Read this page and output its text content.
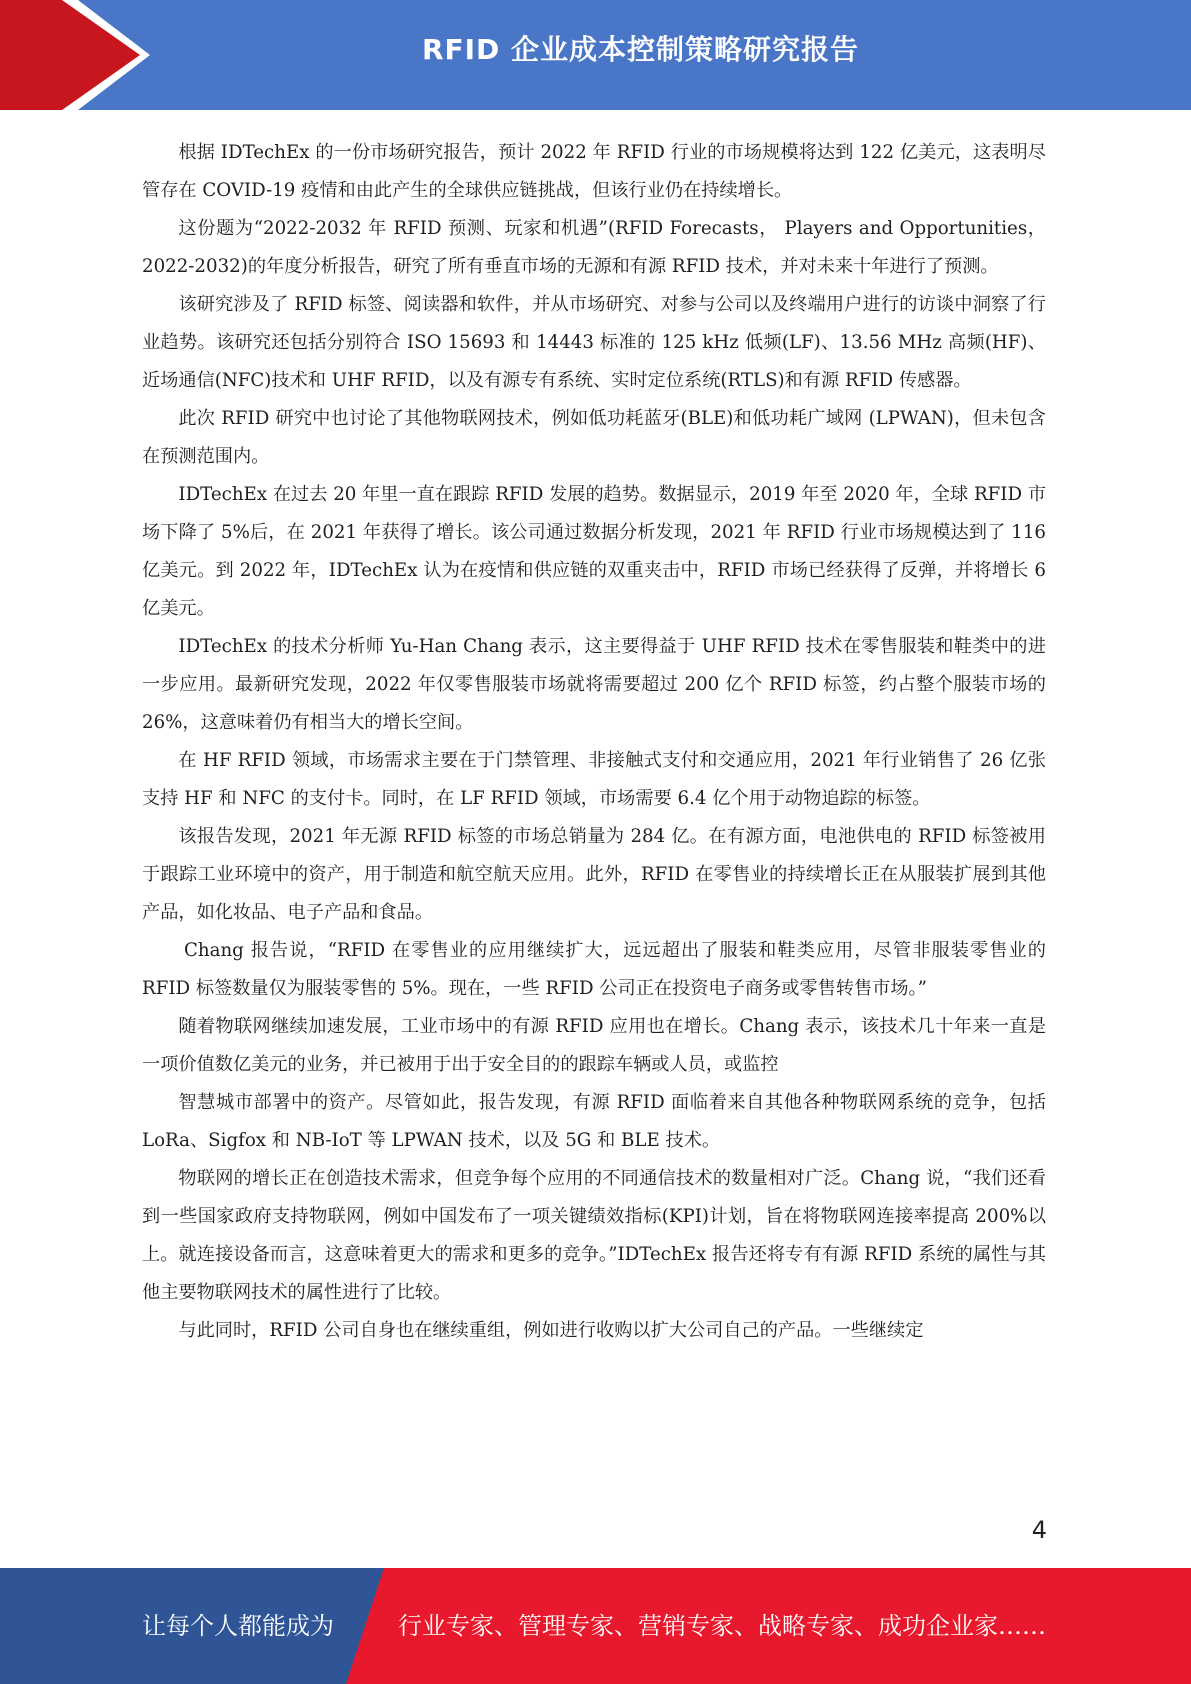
RFID 企业成本控制策略研究报告

根据 IDTechEx 的一份市场研究报告，预计 2022 年 RFID 行业的市场规模将达到 122 亿美元，这表明尽管存在 COVID-19 疫情和由此产生的全球供应链挑战，但该行业仍在持续增长。

这份题为“2022-2032 年 RFID 预测、玩家和机遇”(RFID Forecasts， Players and Opportunities， 2022-2032)的年度分析报告，研究了所有垂直市场的无源和有源 RFID 技术，并对未来十年进行了预测。

该研究涉及了 RFID 标签、阅读器和软件，并从市场研究、对参与公司以及终端用户进行的访谈中洞察了行业趋势。该研究还包括分别符合 ISO 15693 和 14443 标准的 125 kHz 低频(LF)、13.56 MHz 高频(HF)、近场通信(NFC)技术和 UHF RFID，以及有源专有系统、实时定位系统(RTLS)和有源 RFID 传感器。

此次 RFID 研究中也讨论了其他物联网技术，例如低功耗蓝牙(BLE)和低功耗广域网 (LPWAN)，但未包含在预测范围内。

IDTechEx 在过去 20 年里一直在跟踪 RFID 发展的趋势。数据显示，2019 年至 2020 年，全球 RFID 市场下降了 5%后，在 2021 年获得了增长。该公司通过数据分析发现，2021 年 RFID 行业市场规模达到了 116 亿美元。到 2022 年，IDTechEx 认为在疫情和供应链的双重夹击中，RFID 市场已经获得了反弹，并将增长 6 亿美元。

IDTechEx 的技术分析师 Yu-Han Chang 表示，这主要得益于 UHF RFID 技术在零售服装和鞋类中的进一步应用。最新研究发现，2022 年仅零售服装市场就将需要超过 200 亿个 RFID 标签，约占整个服装市场的 26%，这意味着仍有相当大的增长空间。

在 HF RFID 领域，市场需求主要在于门禁管理、非接触式支付和交通应用，2021 年行业销售了 26 亿张支持 HF 和 NFC 的支付卡。同时，在 LF RFID 领域，市场需要 6.4 亿个用于动物追踪的标签。

该报告发现，2021 年无源 RFID 标签的市场总销量为 284 亿。在有源方面，电池供电的 RFID 标签被用于跟踪工业环境中的资产，用于制造和航空航天应用。此外，RFID 在零售业的持续增长正在从服装扩展到其他产品，如化妆品、电子产品和食品。

Chang 报告说，“RFID 在零售业的应用继续扩大，远远超出了服装和鞋类应用，尽管非服装零售业的 RFID 标签数量仅为服装零售的 5%。现在，一些 RFID 公司正在投资电子商务或零售转售市场。”

随着物联网继续加速发展，工业市场中的有源 RFID 应用也在增长。Chang 表示，该技术几十年来一直是一项价值数亿美元的业务，并已被用于出于安全目的的跟踪车辆或人员，或监控

智慧城市部署中的资产。尽管如此，报告发现，有源 RFID 面临着来自其他各种物联网系统的竞争，包括 LoRa、Sigfox 和 NB-IoT 等 LPWAN 技术，以及 5G 和 BLE 技术。

物联网的增长正在创造技术需求，但竞争每个应用的不同通信技术的数量相对广泛。Chang 说，“我们还看到一些国家政府支持物联网，例如中国发布了一项关键绩效指标(KPI)计划，旨在将物联网连接率提高 200%以上。就连接设备而言，这意味着更大的需求和更多的竞争。”IDTechEx 报告还将专有有源 RFID 系统的属性与其他主要物联网技术的属性进行了比较。

与此同时，RFID 公司自身也在继续重组，例如进行收购以扩大公司自己的产品。一些继续定

4
让每个人都能成为	行业专家、管理专家、营销专家、战略专家、成功企业家……
